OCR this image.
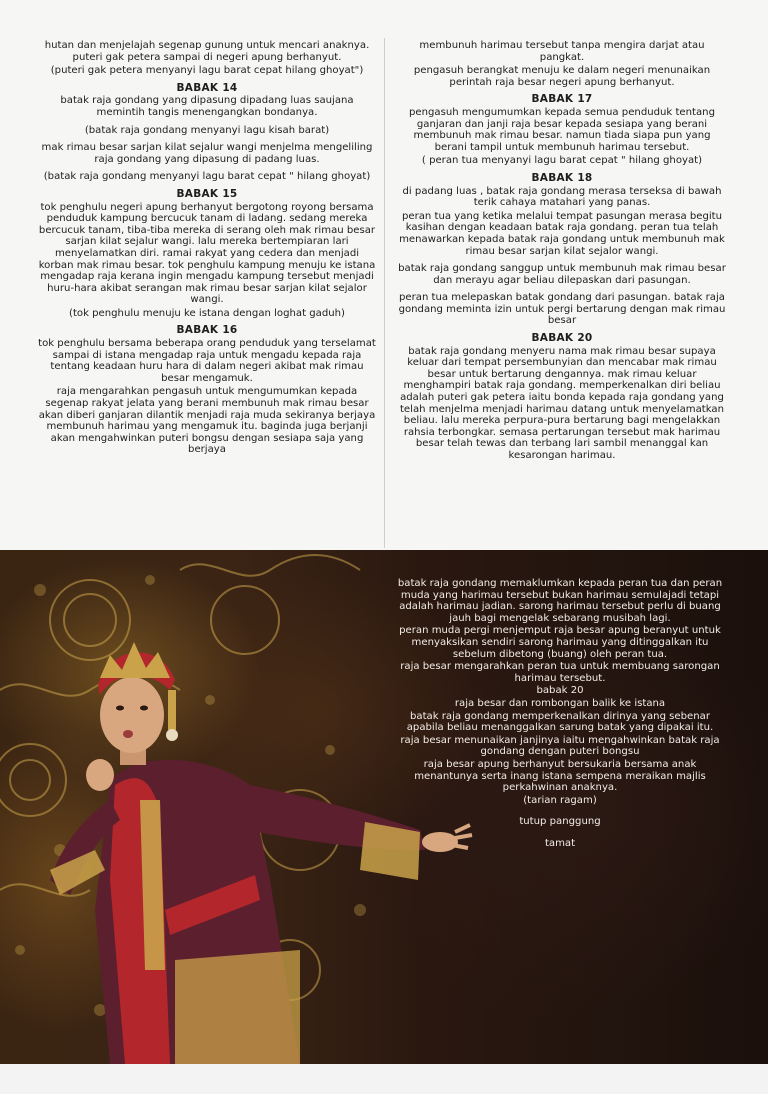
hutan dan menjelajah segenap gunung untuk mencari anaknya. puteri gak petera sampai di negeri apung berhanyut.

(puteri gak petera menyanyi lagu barat cepat hilang ghoyat")

BABAK 14

batak raja gondang yang dipasung dipadang luas saujana memintih tangis menengangkan bondanya.

(batak raja gondang menyanyi lagu kisah barat)

mak rimau besar sarjan kilat sejalur wangi menjelma mengeliling raja gondang yang dipasung di padang luas.

(batak raja gondang menyanyi lagu barat cepat " hilang ghoyat)

BABAK 15

tok penghulu negeri apung berhanyut bergotong royong bersama penduduk kampung bercucuk tanam di ladang. sedang mereka bercucuk tanam, tiba-tiba mereka di serang oleh mak rimau besar sarjan kilat sejalur wangi. lalu mereka bertempiaran lari menyelamatkan diri. ramai rakyat yang cedera dan menjadi korban mak rimau besar. tok penghulu kampung menuju ke istana mengadap raja kerana ingin mengadu kampung tersebut menjadi huru-hara akibat serangan mak rimau besar sarjan kilat sejalor wangi.

(tok penghulu menuju ke istana dengan loghat gaduh)

BABAK 16

tok penghulu bersama beberapa orang penduduk yang terselamat sampai di istana mengadap raja untuk mengadu kepada raja tentang keadaan huru hara di dalam negeri akibat mak rimau besar mengamuk.

raja mengarahkan pengasuh untuk mengumumkan kepada segenap rakyat jelata yang berani membunuh mak rimau besar akan diberi ganjaran dilantik menjadi raja muda sekiranya berjaya membunuh harimau yang mengamuk itu. baginda juga berjanji akan mengahwinkan puteri bongsu dengan sesiapa saja yang berjaya

membunuh harimau tersebut tanpa mengira darjat atau pangkat.

pengasuh berangkat menuju ke dalam negeri menunaikan perintah raja besar negeri apung berhanyut.

BABAK 17

pengasuh mengumumkan kepada semua penduduk tentang ganjaran dan janji raja besar kepada sesiapa yang berani membunuh mak rimau besar. namun tiada siapa pun yang berani tampil untuk membunuh harimau tersebut.

( peran tua menyanyi lagu barat cepat " hilang ghoyat)

BABAK 18

di padang luas , batak raja gondang merasa terseksa di bawah terik cahaya matahari yang panas.

peran tua yang ketika melalui tempat pasungan merasa begitu kasihan dengan keadaan batak raja gondang. peran tua telah menawarkan kepada batak raja gondang untuk membunuh mak rimau besar sarjan kilat sejalor wangi.

batak raja gondang sanggup untuk membunuh mak rimau besar dan merayu agar beliau dilepaskan dari pasungan.

peran tua melepaskan batak gondang dari pasungan. batak raja gondang meminta izin untuk pergi bertarung dengan mak rimau besar

BABAK 20

batak raja gondang menyeru nama mak rimau besar supaya keluar dari tempat persembunyian dan mencabar mak rimau besar untuk bertarung dengannya. mak rimau keluar menghampiri batak raja gondang. memperkenalkan diri beliau adalah puteri gak petera iaitu bonda kepada raja gondang yang telah menjelma menjadi harimau datang untuk menyelamatkan beliau. lalu mereka perpura-pura bertarung bagi mengelakkan rahsia terbongkar. semasa pertarungan tersebut mak harimau besar telah tewas dan terbang lari sambil menanggal kan kesarongan harimau.

batak raja gondang memaklumkan kepada peran tua dan peran muda yang harimau tersebut bukan harimau semulajadi tetapi adalah harimau jadian. sarong harimau tersebut perlu di buang jauh bagi mengelak sebarang musibah lagi.

peran muda pergi menjemput raja besar apung beranyut untuk menyaksikan sendiri sarong harimau yang ditinggalkan itu sebelum dibetong (buang) oleh peran tua.

raja besar mengarahkan peran tua untuk membuang sarongan harimau tersebut.

babak 20

raja besar dan rombongan balik ke istana

batak raja gondang memperkenalkan dirinya yang sebenar apabila beliau menanggalkan sarung batak yang dipakai itu.

raja besar menunaikan janjinya iaitu mengahwinkan batak raja gondang dengan puteri bongsu

raja besar apung berhanyut bersukaria bersama anak menantunya serta inang istana sempena meraikan majlis perkahwinan anaknya.

(tarian ragam)

tutup panggung

tamat
